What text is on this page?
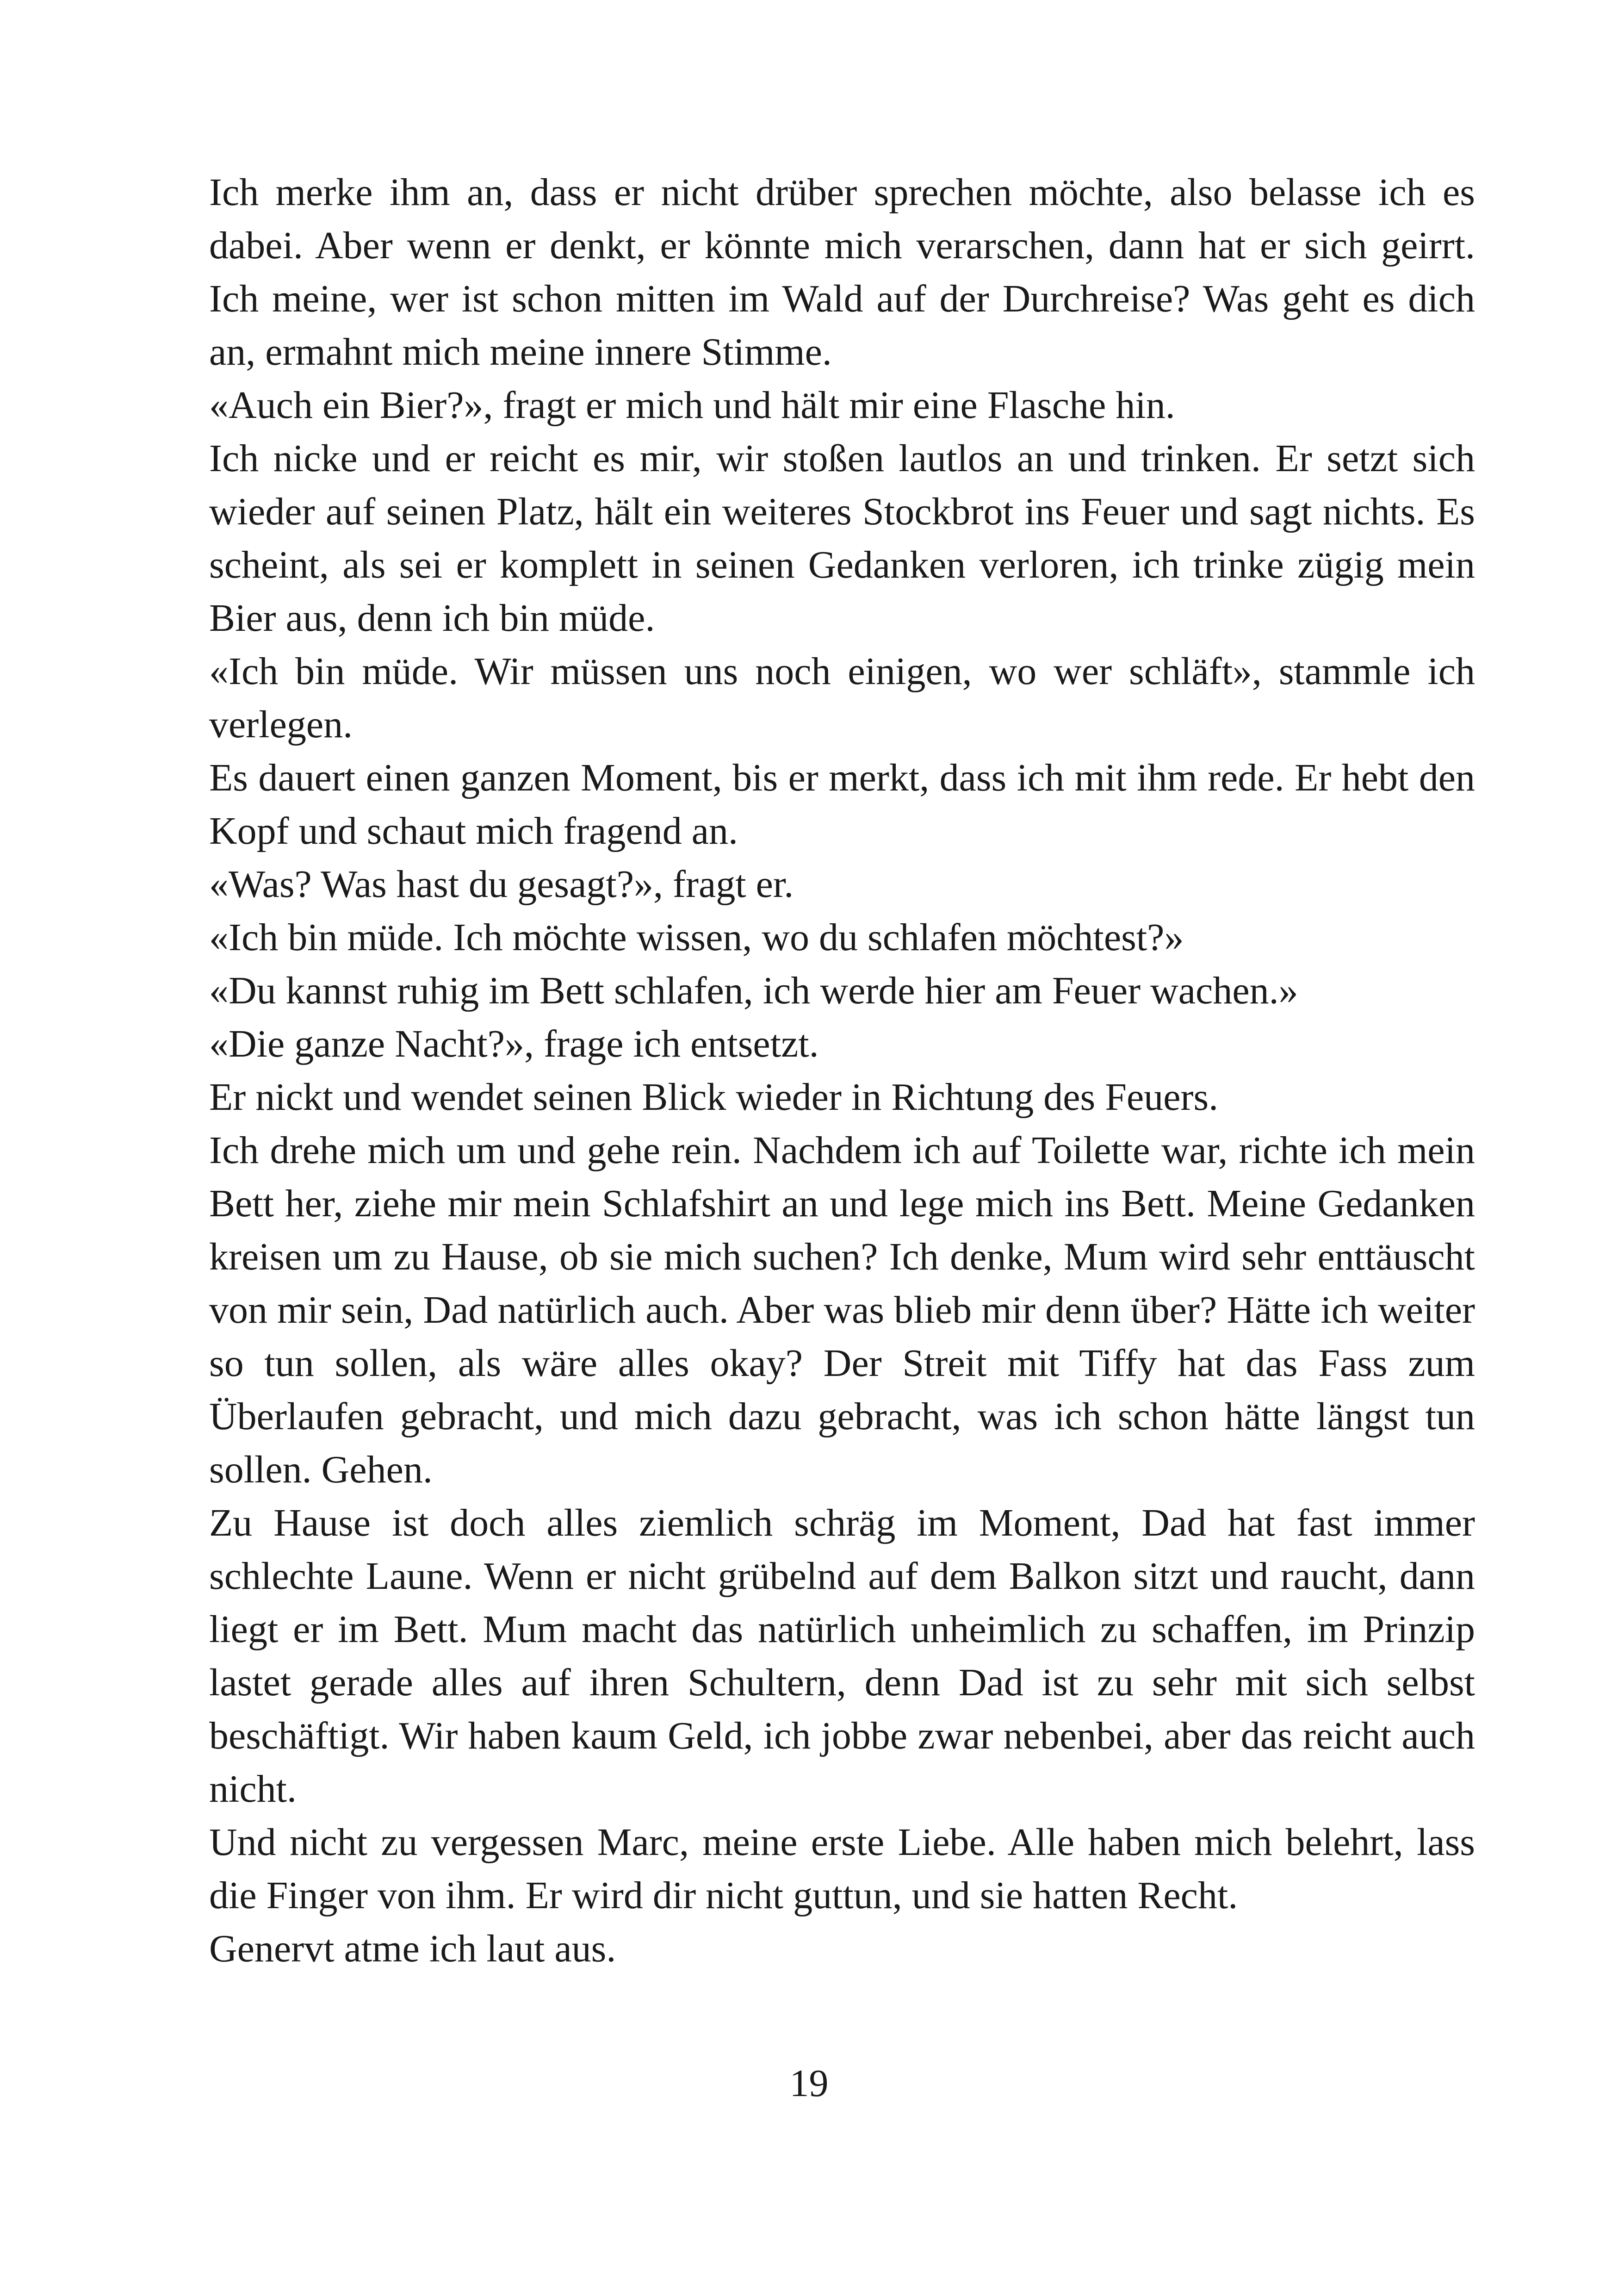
Ich merke ihm an, dass er nicht drüber sprechen möchte, also belasse ich es dabei. Aber wenn er denkt, er könnte mich verarschen, dann hat er sich geirrt. Ich meine, wer ist schon mitten im Wald auf der Durchreise? Was geht es dich an, ermahnt mich meine innere Stimme.

«Auch ein Bier?», fragt er mich und hält mir eine Flasche hin.

Ich nicke und er reicht es mir, wir stoßen lautlos an und trinken. Er setzt sich wieder auf seinen Platz, hält ein weiteres Stockbrot ins Feuer und sagt nichts. Es scheint, als sei er komplett in seinen Gedanken verloren, ich trinke zügig mein Bier aus, denn ich bin müde.

«Ich bin müde. Wir müssen uns noch einigen, wo wer schläft», stammle ich verlegen.

Es dauert einen ganzen Moment, bis er merkt, dass ich mit ihm rede. Er hebt den Kopf und schaut mich fragend an.

«Was? Was hast du gesagt?», fragt er.

«Ich bin müde. Ich möchte wissen, wo du schlafen möchtest?»

«Du kannst ruhig im Bett schlafen, ich werde hier am Feuer wachen.»

«Die ganze Nacht?», frage ich entsetzt.

Er nickt und wendet seinen Blick wieder in Richtung des Feuers.

Ich drehe mich um und gehe rein. Nachdem ich auf Toilette war, richte ich mein Bett her, ziehe mir mein Schlafshirt an und lege mich ins Bett. Meine Gedanken kreisen um zu Hause, ob sie mich suchen? Ich denke, Mum wird sehr enttäuscht von mir sein, Dad natürlich auch. Aber was blieb mir denn über? Hätte ich weiter so tun sollen, als wäre alles okay? Der Streit mit Tiffy hat das Fass zum Überlaufen gebracht, und mich dazu gebracht, was ich schon hätte längst tun sollen. Gehen.

Zu Hause ist doch alles ziemlich schräg im Moment, Dad hat fast immer schlechte Laune. Wenn er nicht grübelnd auf dem Balkon sitzt und raucht, dann liegt er im Bett. Mum macht das natürlich unheimlich zu schaffen, im Prinzip lastet gerade alles auf ihren Schultern, denn Dad ist zu sehr mit sich selbst beschäftigt. Wir haben kaum Geld, ich jobbe zwar nebenbei, aber das reicht auch nicht.

Und nicht zu vergessen Marc, meine erste Liebe. Alle haben mich belehrt, lass die Finger von ihm. Er wird dir nicht guttun, und sie hatten Recht.

Genervt atme ich laut aus.

19
